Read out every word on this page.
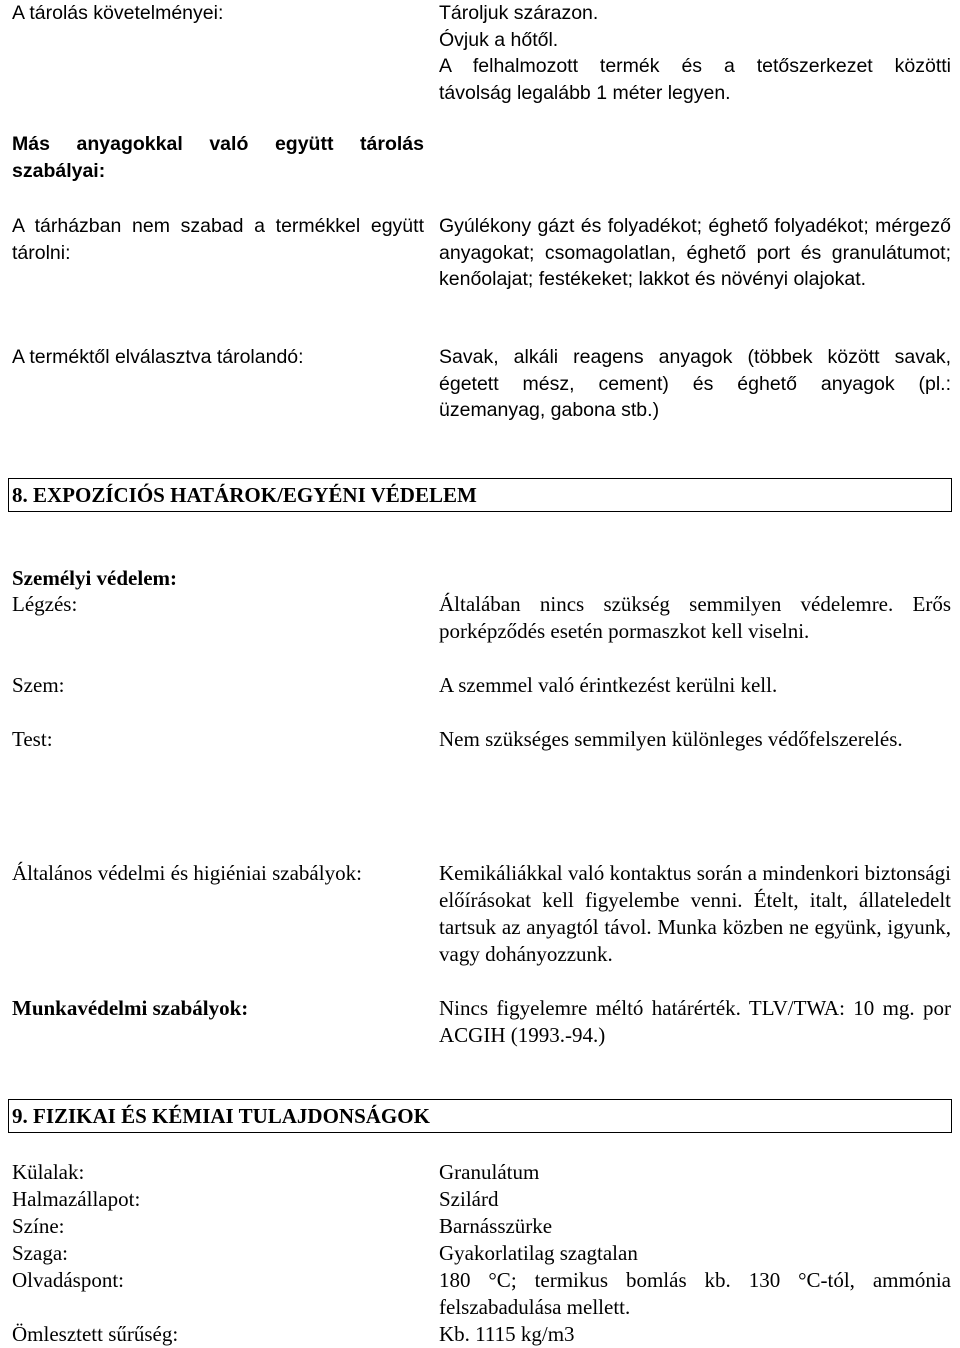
A tárolás követelményei:	Tároljuk szárazon.
Óvjuk a hőtől.
A felhalmozott termék és a tetőszerkezet közötti
távolság legalább 1 méter legyen.
Más anyagokkal való együtt tárolás
szabályai:
A tárházban nem szabad a termékkel együtt
tárolni:
Gyúlékony gázt és folyadékot; éghető folyadékot; mérgező anyagokat; csomagolatlan, éghető port és granulátumot; kenőolajat; festékeket; lakkot és növényi olajokat.
A terméktől elválasztva tárolandó:	Savak, alkáli reagens anyagok (többek között savak, égetett mész, cement) és éghető anyagok (pl.: üzemanyag, gabona stb.)
8. EXPOZÍCIÓS HATÁROK/EGYÉNI VÉDELEM
Személyi védelem:
Légzés:	Általában nincs szükség semmilyen védelemre. Erős porképződés esetén pormaszkot kell viselni.
Szem:	A szemmel való érintkezést kerülni kell.
Test:	Nem szükséges semmilyen különleges védőfelszerelés.
Általános védelmi és higiéniai szabályok:	Kemikáliákkal való kontaktus során a mindenkori biztonsági előírásokat kell figyelembe venni. Ételt, italt, állateledelt tartsuk az anyagtól távol. Munka közben ne együnk, igyunk, vagy dohányozzunk.
Munkavédelmi szabályok:	Nincs figyelemre méltó határérték. TLV/TWA: 10 mg. por ACGIH (1993.-94.)
9. FIZIKAI ÉS KÉMIAI TULAJDONSÁGOK
Külalak:	Granulátum
Halmazállapot:	Szilárd
Színe:	Barnásszürke
Szaga:	Gyakorlatilag szagtalan
Olvadáspont:	180 °C; termikus bomlás kb. 130 °C-tól, ammónia felszabadulása mellett.
Ömlesztett sűrűség:	Kb. 1115 kg/m3
